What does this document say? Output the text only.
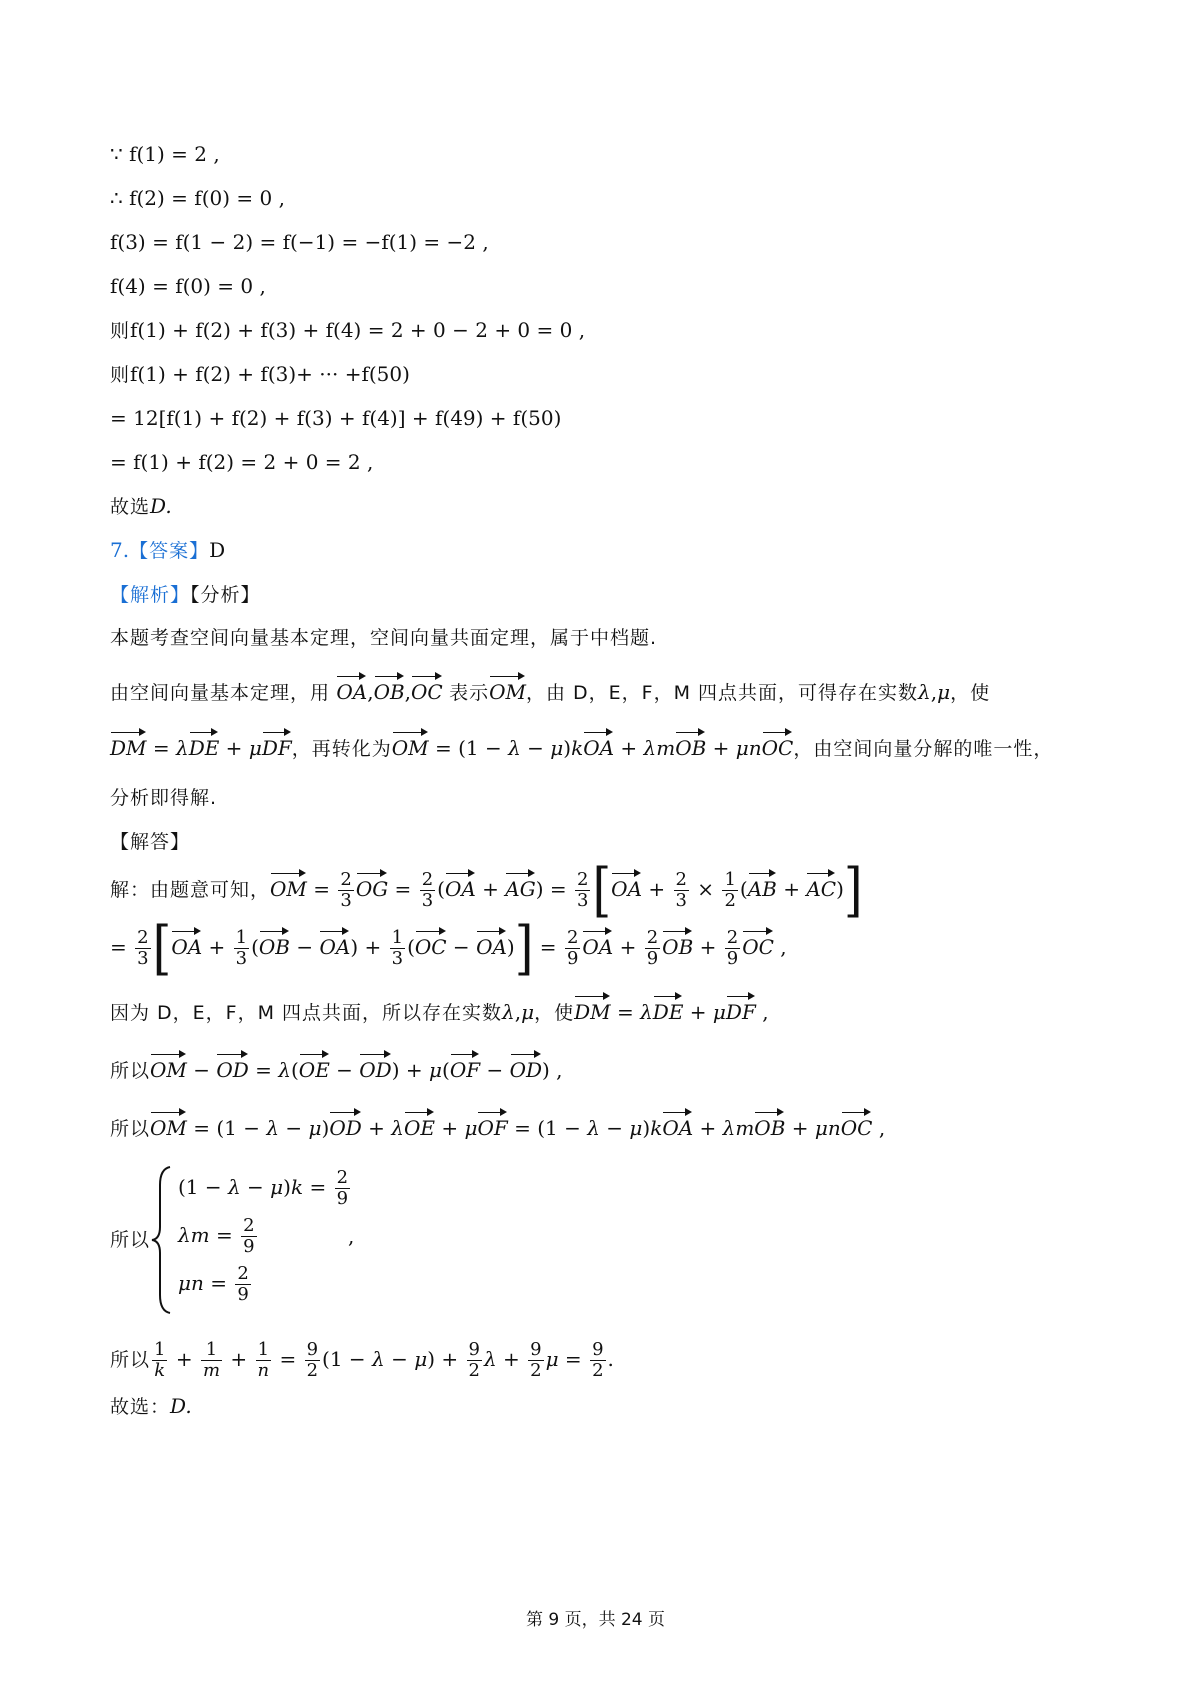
∵ f(1) = 2 ,
∴ f(2) = f(0) = 0 ,
f(3) = f(1 − 2) = f(−1) = −f(1) = −2 ,
f(4) = f(0) = 0 ,
则f(1) + f(2) + f(3) + f(4) = 2 + 0 − 2 + 0 = 0 ,
则f(1) + f(2) + f(3)+ ··· +f(50)
= 12[f(1) + f(2) + f(3) + f(4)] + f(49) + f(50)
= f(1) + f(2) = 2 + 0 = 2 ,
故选D.
7.【答案】D
【解析】【分析】
本题考查空间向量基本定理，空间向量共面定理，属于中档题.
由空间向量基本定理，用 OA,OB,OC 表示OM，由 D，E，F，M 四点共面，可得存在实数λ,μ，使
DM = λDE + μDF，再转化为OM = (1 − λ − μ)kOA + λmOB + μnOC，由空间向量分解的唯一性，
分析即得解.
【解答】
解：由题意可知，OM = $\frac{2}{3}$ OG = $\frac{2}{3} (OA + AG) = \frac{2}{3} [OA + \frac{2}{3} \times \frac{1}{2} (AB + AC)]$
= $\frac{2}{3} [OA + \frac{1}{3} (OB - OA) + \frac{1}{3} (OC - OA)] = \frac{2}{9}$ OA + $\frac{2}{9}$ OB + $\frac{2}{9}$ OC ,
因为 D，E，F，M 四点共面，所以存在实数λ,μ，使DM = λDE + μDF ,
所以OM − OD = λ(OE − OD) + μ(OF − OD) ,
所以OM = (1 − λ − μ)OD + λOE + μOF = (1 − λ − μ)kOA + λmOB + μnOC ,
所以
$(1 - \lambda - \mu)k = \frac{2}{9}$
$\lambda m = \frac{2}{9}$
$\mu n = \frac{2}{9}$
,
所以 $\frac{1}{k} + \frac{1}{m} + \frac{1}{n} = \frac{9}{2} (1 - \lambda - \mu) + \frac{9}{2}$ $\lambda + \frac{9}{2}$ $\mu = \frac{9}{2}$ .
故选：D.
第 9 页，共 24 页
